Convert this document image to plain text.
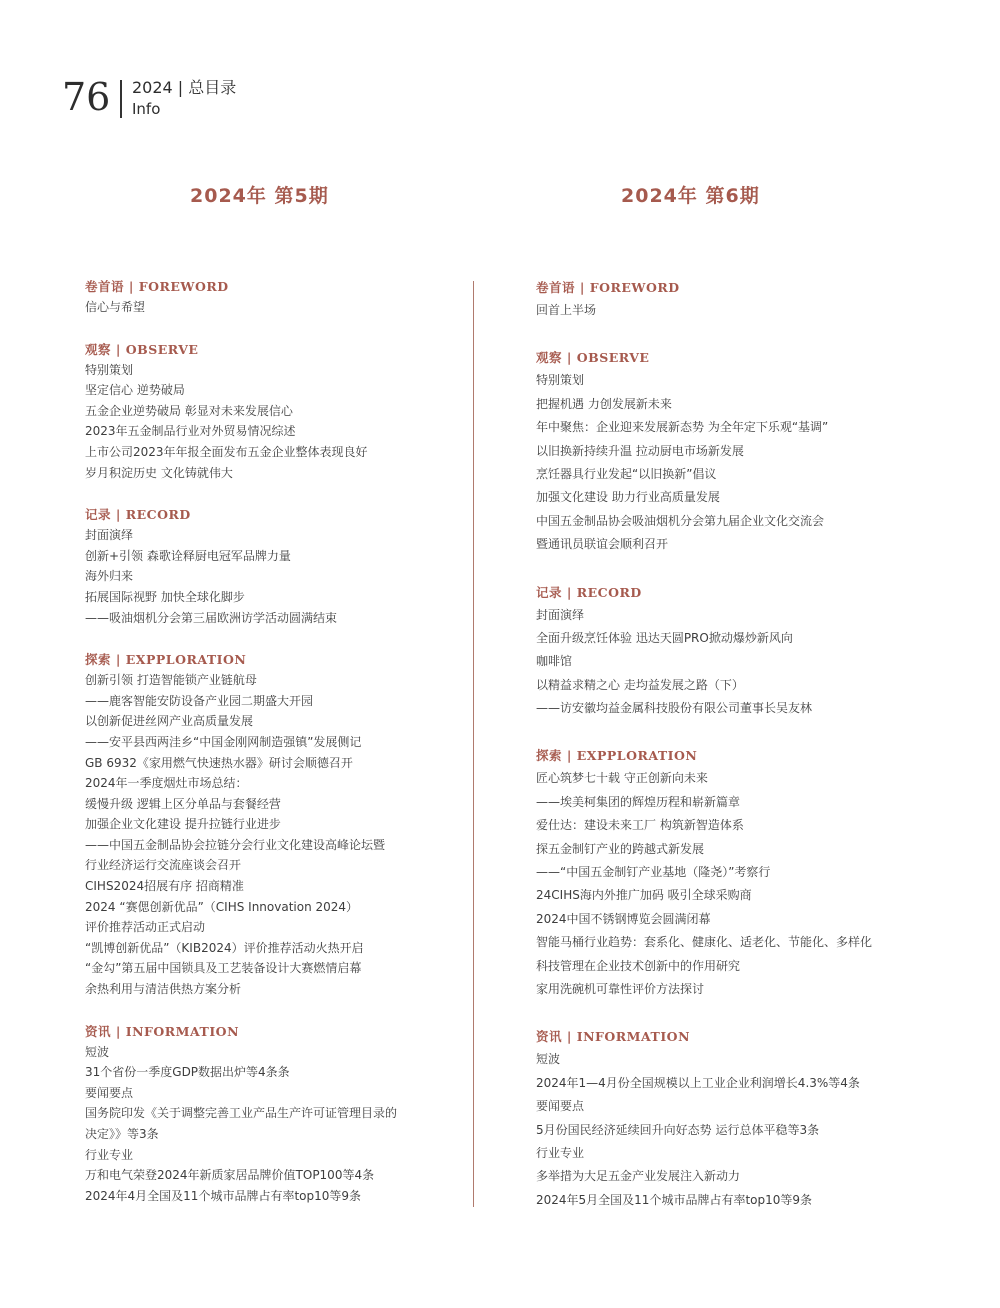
76 2024 | 总目录
Info
2024年 第5期	2024年 第6期
卷首语 | FOREWORD
信心与希望
观察 | OBSERVE
特别策划
坚定信心 逆势破局
五金企业逆势破局 彰显对未来发展信心
2023年五金制品行业对外贸易情况综述
上市公司2023年年报全面发布五金企业整体表现良好
岁月积淀历史 文化铸就伟大
记录 | RECORD
封面演绎
创新+引领 森歌诠释厨电冠军品牌力量
海外归来
拓展国际视野 加快全球化脚步
——吸油烟机分会第三届欧洲访学活动圆满结束
探索 | EXPPLORATION
创新引领 打造智能锁产业链航母
——鹿客智能安防设备产业园二期盛大开园
以创新促进丝网产业高质量发展
——安平县西两洼乡“中国金刚网制造强镇”发展侧记
GB 6932《家用燃气快速热水器》研讨会顺德召开
2024年一季度烟灶市场总结：
缓慢升级 逻辑上区分单品与套餐经营
加强企业文化建设 提升拉链行业进步
——中国五金制品协会拉链分会行业文化建设高峰论坛暨
行业经济运行交流座谈会召开
CIHS2024招展有序 招商精准
2024 “赛偲创新优品”（CIHS Innovation 2024）
评价推荐活动正式启动
“凯博创新优品”（KIB2024）评价推荐活动火热开启
“金勾”第五届中国锁具及工艺装备设计大赛燃情启幕
余热利用与清洁供热方案分析
资讯 | INFORMATION
短波
31个省份一季度GDP数据出炉等4条条
要闻要点
国务院印发《关于调整完善工业产品生产许可证管理目录的
决定》》等3条
行业专业
万和电气荣登2024年新质家居品牌价值TOP100等4条
2024年4月全国及11个城市品牌占有率top10等9条
卷首语 | FOREWORD
回首上半场
观察 | OBSERVE
特别策划
把握机遇 力创发展新未来
年中聚焦：企业迎来发展新态势 为全年定下乐观“基调”
以旧换新持续升温 拉动厨电市场新发展
烹饪器具行业发起“以旧换新”倡议
加强文化建设 助力行业高质量发展
中国五金制品协会吸油烟机分会第九届企业文化交流会
暨通讯员联谊会顺利召开
记录 | RECORD
封面演绎
全面升级烹饪体验 迅达天圆PRO掀动爆炒新风向
咖啡馆
以精益求精之心 走均益发展之路（下）
——访安徽均益金属科技股份有限公司董事长吴友林
探索 | EXPPLORATION
匠心筑梦七十载 守正创新向未来
——埃美柯集团的辉煌历程和崭新篇章
爱仕达：建设未来工厂 构筑新智造体系
探五金制钉产业的跨越式新发展
——“中国五金制钉产业基地（隆尧）”考察行
24CIHS海内外推广加码 吸引全球采购商
2024中国不锈钢博览会圆满闭幕
智能马桶行业趋势：套系化、健康化、适老化、节能化、多样化
科技管理在企业技术创新中的作用研究
家用洗碗机可靠性评价方法探讨
资讯 | INFORMATION
短波
2024年1—4月份全国规模以上工业企业利润增长4.3%等4条
要闻要点
5月份国民经济延续回升向好态势 运行总体平稳等3条
行业专业
多举措为大足五金产业发展注入新动力
2024年5月全国及11个城市品牌占有率top10等9条
